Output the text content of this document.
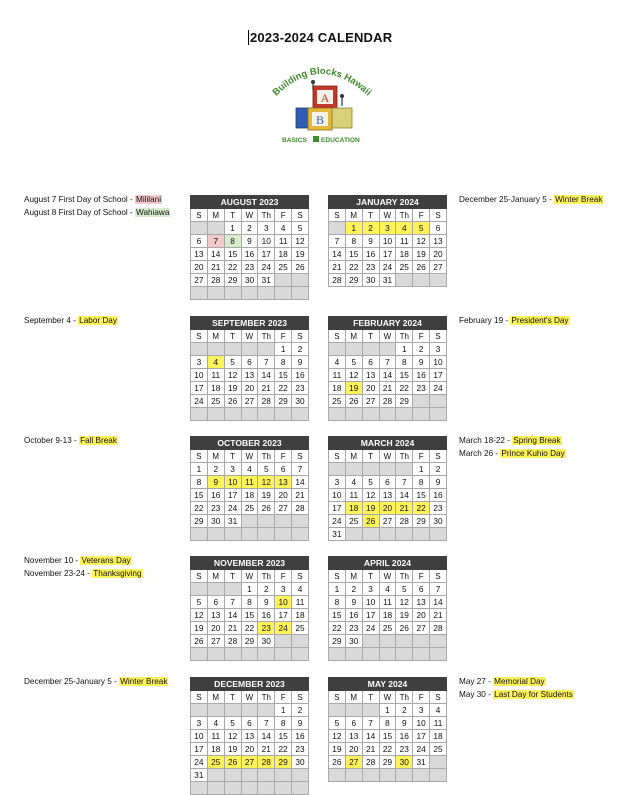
2023-2024 CALENDAR
Building Blocks Hawaii
A
B
BASICS EDUCATION
August 7 First Day of School - Mililani
August 8 First Day of School - Wahiawa
September 4 - Labor Day
October 9-13 - Fall Break
November 10 - Veterans Day
November 23-24 - Thanksgiving
December 25-January 5 - Winter Break
December 25-January 5 - Winter Break
February 19 - President's Day
March 18-22 - Spring Break
March 26 - Prince Kuhio Day
May 27 - Memorial Day
May 30 - Last Day for Students
AUGUST 2023						
S	M	T	W	Th	F	S
		1	2	3	4	5
6	7	8	9	10	11	12
13	14	15	16	17	18	19
20	21	22	23	24	25	26
27	28	29	30	31		

JANUARY 2024						
S	M	T	W	Th	F	S
	1	2	3	4	5	6
7	8	9	10	11	12	13
14	15	16	17	18	19	20
21	22	23	24	25	26	27
28	29	30	31			
SEPTEMBER 2023						
S	M	T	W	Th	F	S
					1	2
3	4	5	6	7	8	9
10	11	12	13	14	15	16
17	18	19	20	21	22	23
24	25	26	27	28	29	30

FEBRUARY 2024						
S	M	T	W	Th	F	S
				1	2	3
4	5	6	7	8	9	10
11	12	13	14	15	16	17
18	19	20	21	22	23	24
25	26	27	28	29		

OCTOBER 2023						
S	M	T	W	Th	F	S
1	2	3	4	5	6	7
8	9	10	11	12	13	14
15	16	17	18	19	20	21
22	23	24	25	26	27	28
29	30	31				

MARCH 2024						
S	M	T	W	Th	F	S
					1	2
3	4	5	6	7	8	9
10	11	12	13	14	15	16
17	18	19	20	21	22	23
24	25	26	27	28	29	30
31						
NOVEMBER 2023						
S	M	T	W	Th	F	S
			1	2	3	4
5	6	7	8	9	10	11
12	13	14	15	16	17	18
19	20	21	22	23	24	25
26	27	28	29	30		

APRIL 2024						
S	M	T	W	Th	F	S
1	2	3	4	5	6	7
8	9	10	11	12	13	14
15	16	17	18	19	20	21
22	23	24	25	26	27	28
29	30					

DECEMBER 2023						
S	M	T	W	Th	F	S
					1	2
3	4	5	6	7	8	9
10	11	12	13	14	15	16
17	18	19	20	21	22	23
24	25	26	27	28	29	30
31						

MAY 2024						
S	M	T	W	Th	F	S
			1	2	3	4
5	6	7	8	9	10	11
12	13	14	15	16	17	18
19	20	21	22	23	24	25
26	27	28	29	30	31	
